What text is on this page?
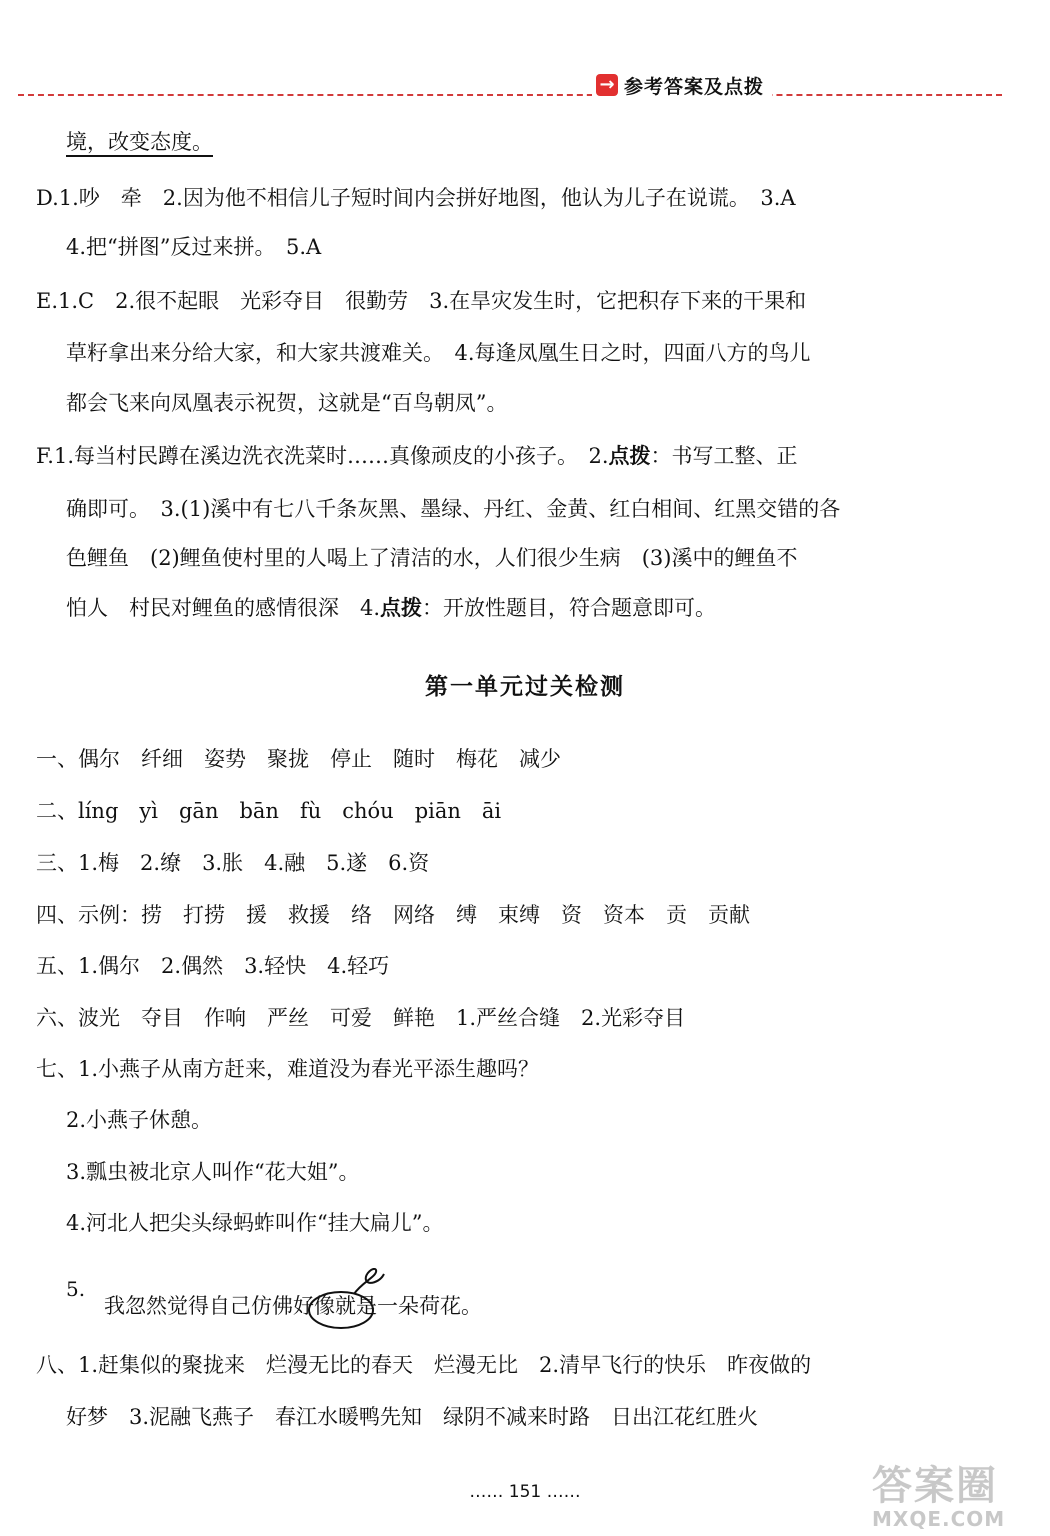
→ 参考答案及点拨
境，改变态度。
D.1.吵　牵　2.因为他不相信儿子短时间内会拼好地图，他认为儿子在说谎。　3.A
4.把“拼图”反过来拼。　5.A
E.1.C　2.很不起眼　光彩夺目　很勤劳　3.在旱灾发生时，它把积存下来的干果和
草籽拿出来分给大家，和大家共渡难关。　4.每逢凤凰生日之时，四面八方的鸟儿
都会飞来向凤凰表示祝贺，这就是“百鸟朝凤”。
F.1.每当村民蹲在溪边洗衣洗菜时……真像顽皮的小孩子。　2.点拨：书写工整、正
确即可。　3.(1)溪中有七八千条灰黑、墨绿、丹红、金黄、红白相间、红黑交错的各
色鲤鱼　(2)鲤鱼使村里的人喝上了清洁的水，人们很少生病　(3)溪中的鲤鱼不
怕人　村民对鲤鱼的感情很深　4.点拨：开放性题目，符合题意即可。
第一单元过关检测
一、偶尔　纤细　姿势　聚拢　停止　随时　梅花　减少
二、líng　yì　gān　bān　fù　chóu　piān　āi
三、1.梅　2.缭　3.胀　4.融　5.遂　6.资
四、示例：捞　打捞　援　救援　络　网络　缚　束缚　资　资本　贡　贡献
五、1.偶尔　2.偶然　3.轻快　4.轻巧
六、波光　夺目　作响　严丝　可爱　鲜艳　1.严丝合缝　2.光彩夺目
七、1.小燕子从南方赶来，难道没为春光平添生趣吗？
2.小燕子休憩。
3.瓢虫被北京人叫作“花大姐”。
4.河北人把尖头绿蚂蚱叫作“挂大扁儿”。
5.
我忽然觉得自己仿佛好像就是一朵荷花。
八、1.赶集似的聚拢来　烂漫无比的春天　烂漫无比　2.清早飞行的快乐　昨夜做的
好梦　3.泥融飞燕子　春江水暖鸭先知　绿阴不减来时路　日出江花红胜火
…… 151 ……	答案圈
MXQE.COM
